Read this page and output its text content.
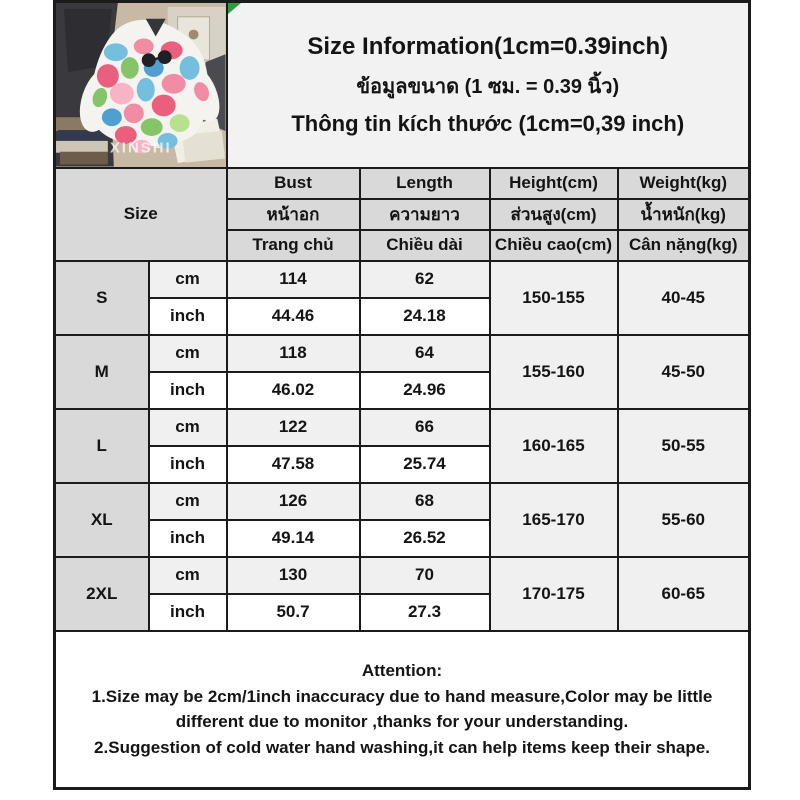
XINSHI		Size Information(1cm=0.39inch)
ข้อมูลขนาด (1 ซม. = 0.39 นิ้ว)
Thông tin kích thước (1cm=0,39 inch)			

Size		Bust	Length	Height(cm)	Weight(kg)
		หน้าอก	ความยาว	ส่วนสูง(cm)	น้ำหนัก(kg)
		Trang chủ	Chiều dài	Chiều cao(cm)	Cân nặng(kg)
S	cm	114	62	150-155	40-45
	inch	44.46	24.18		
M	cm	118	64	155-160	45-50
	inch	46.02	24.96		
L	cm	122	66	160-165	50-55
	inch	47.58	25.74		
XL	cm	126	68	165-170	55-60
	inch	49.14	26.52		
2XL	cm	130	70	170-175	60-65
	inch	50.7	27.3		

Attention:
1.Size may be 2cm/1inch inaccuracy due to hand measure,Color may be little different due to monitor ,thanks for your understanding.
2.Suggestion of cold water hand washing,it can help items keep their shape.					
